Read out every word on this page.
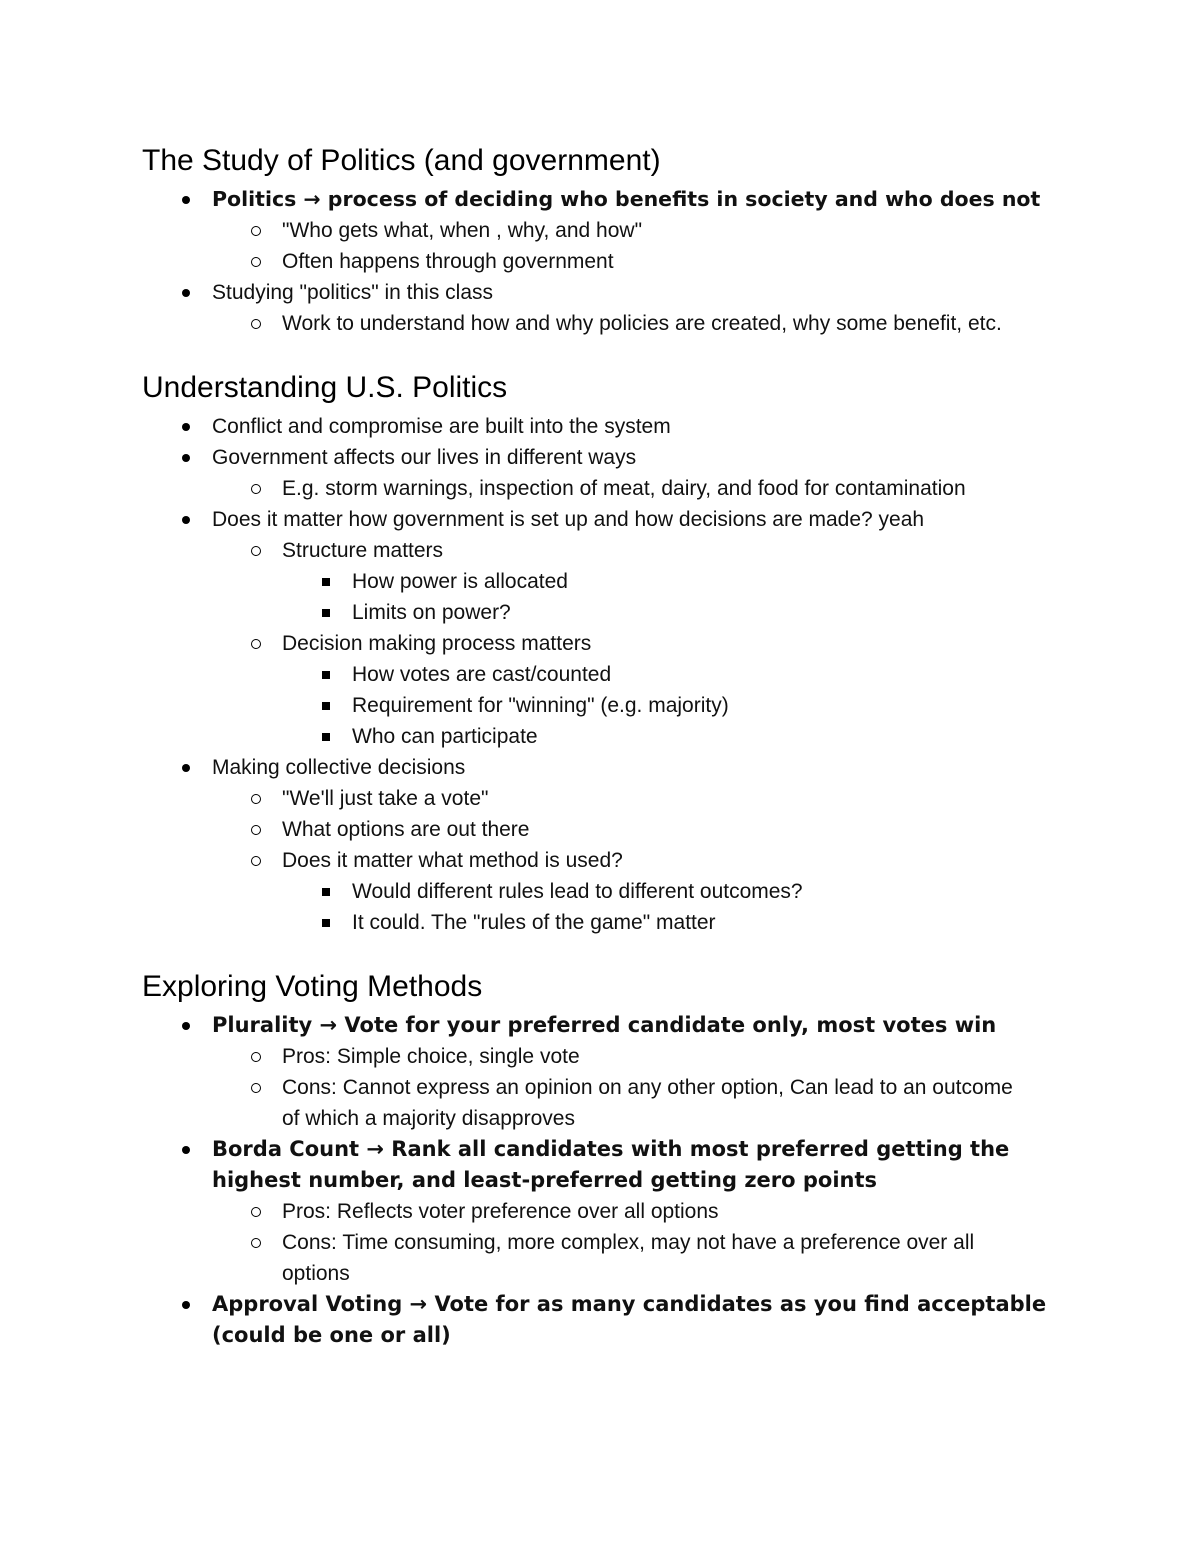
The Study of Politics (and government)
Politics → process of deciding who benefits in society and who does not
"Who gets what, when , why, and how"
Often happens through government
Studying "politics" in this class
Work to understand how and why policies are created, why some benefit, etc.
Understanding U.S. Politics
Conflict and compromise are built into the system
Government affects our lives in different ways
E.g. storm warnings, inspection of meat, dairy, and food for contamination
Does it matter how government is set up and how decisions are made? yeah
Structure matters
How power is allocated
Limits on power?
Decision making process matters
How votes are cast/counted
Requirement for "winning" (e.g. majority)
Who can participate
Making collective decisions
"We'll just take a vote"
What options are out there
Does it matter what method is used?
Would different rules lead to different outcomes?
It could. The "rules of the game" matter
Exploring Voting Methods
Plurality → Vote for your preferred candidate only, most votes win
Pros: Simple choice, single vote
Cons: Cannot express an opinion on any other option, Can lead to an outcome of which a majority disapproves
Borda Count → Rank all candidates with most preferred getting the highest number, and least-preferred getting zero points
Pros: Reflects voter preference over all options
Cons: Time consuming, more complex, may not have a preference over all options
Approval Voting → Vote for as many candidates as you find acceptable (could be one or all)
